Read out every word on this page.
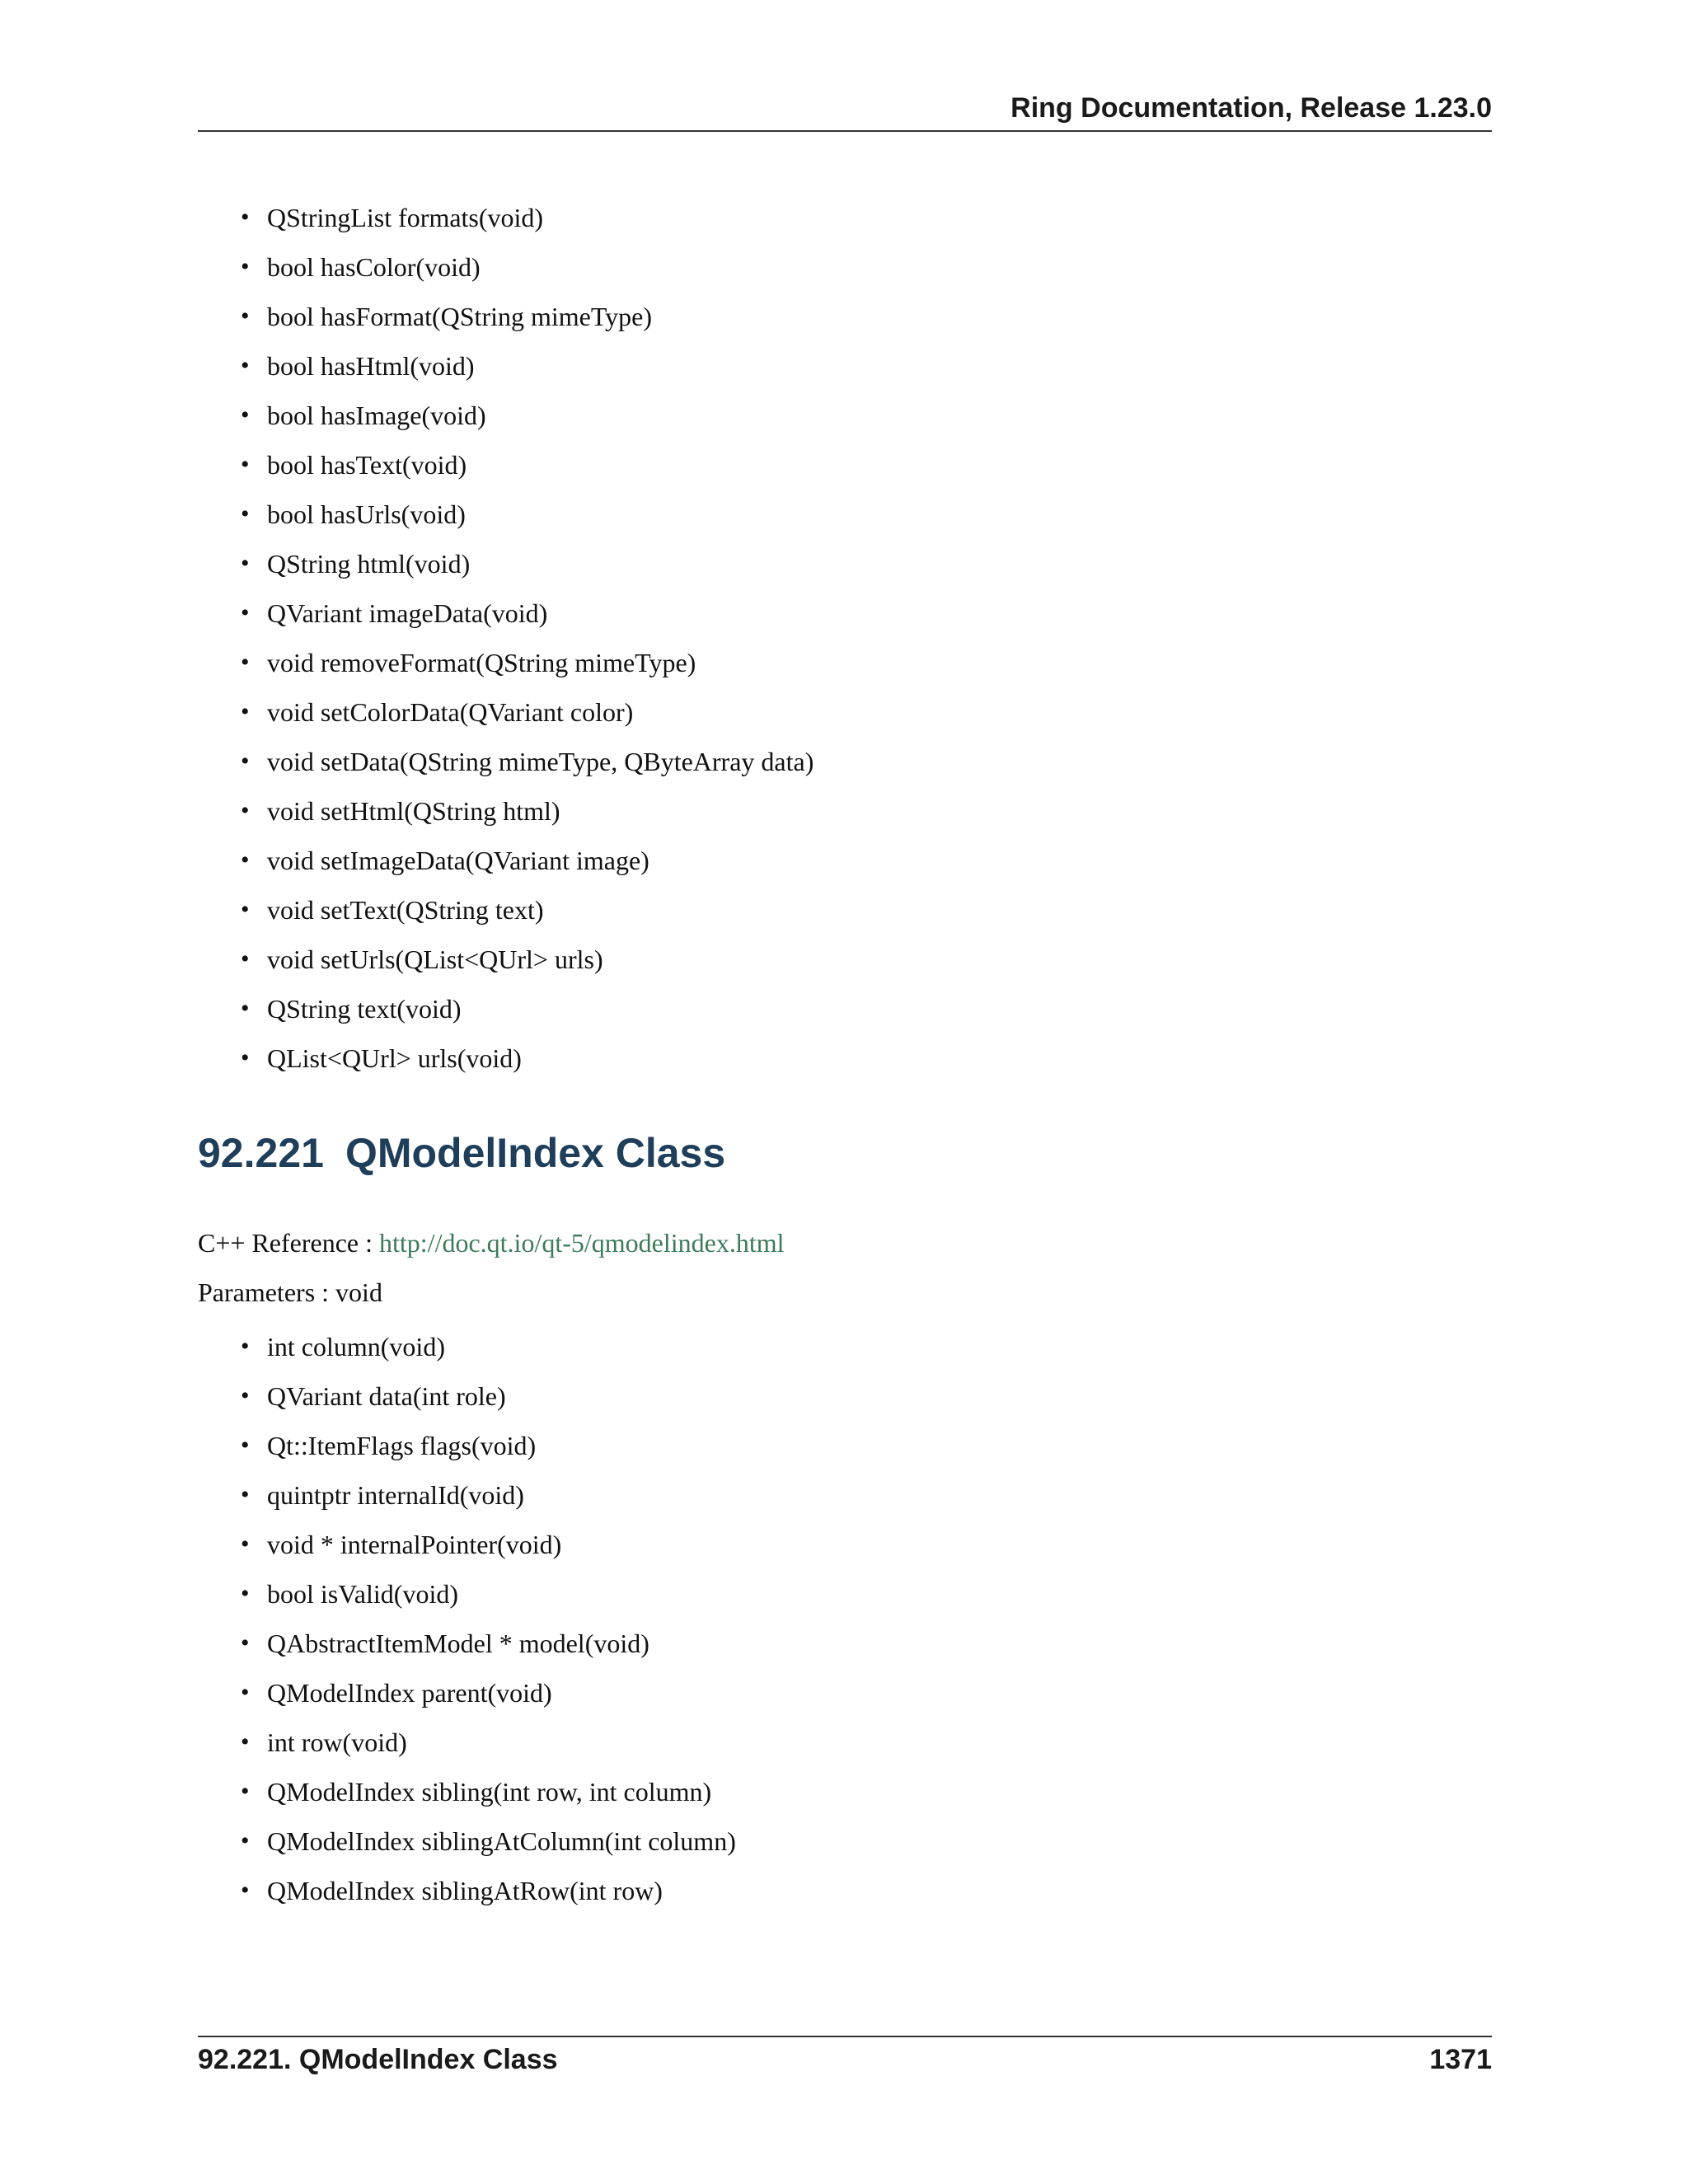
Ring Documentation, Release 1.23.0
• QStringList formats(void)
• bool hasColor(void)
• bool hasFormat(QString mimeType)
• bool hasHtml(void)
• bool hasImage(void)
• bool hasText(void)
• bool hasUrls(void)
• QString html(void)
• QVariant imageData(void)
• void removeFormat(QString mimeType)
• void setColorData(QVariant color)
• void setData(QString mimeType, QByteArray data)
• void setHtml(QString html)
• void setImageData(QVariant image)
• void setText(QString text)
• void setUrls(QList<QUrl> urls)
• QString text(void)
• QList<QUrl> urls(void)
92.221 QModelIndex Class
C++ Reference : http://doc.qt.io/qt-5/qmodelindex.html
Parameters : void
• int column(void)
• QVariant data(int role)
• Qt::ItemFlags flags(void)
• quintptr internalId(void)
• void * internalPointer(void)
• bool isValid(void)
• QAbstractItemModel * model(void)
• QModelIndex parent(void)
• int row(void)
• QModelIndex sibling(int row, int column)
• QModelIndex siblingAtColumn(int column)
• QModelIndex siblingAtRow(int row)
92.221. QModelIndex Class	1371
